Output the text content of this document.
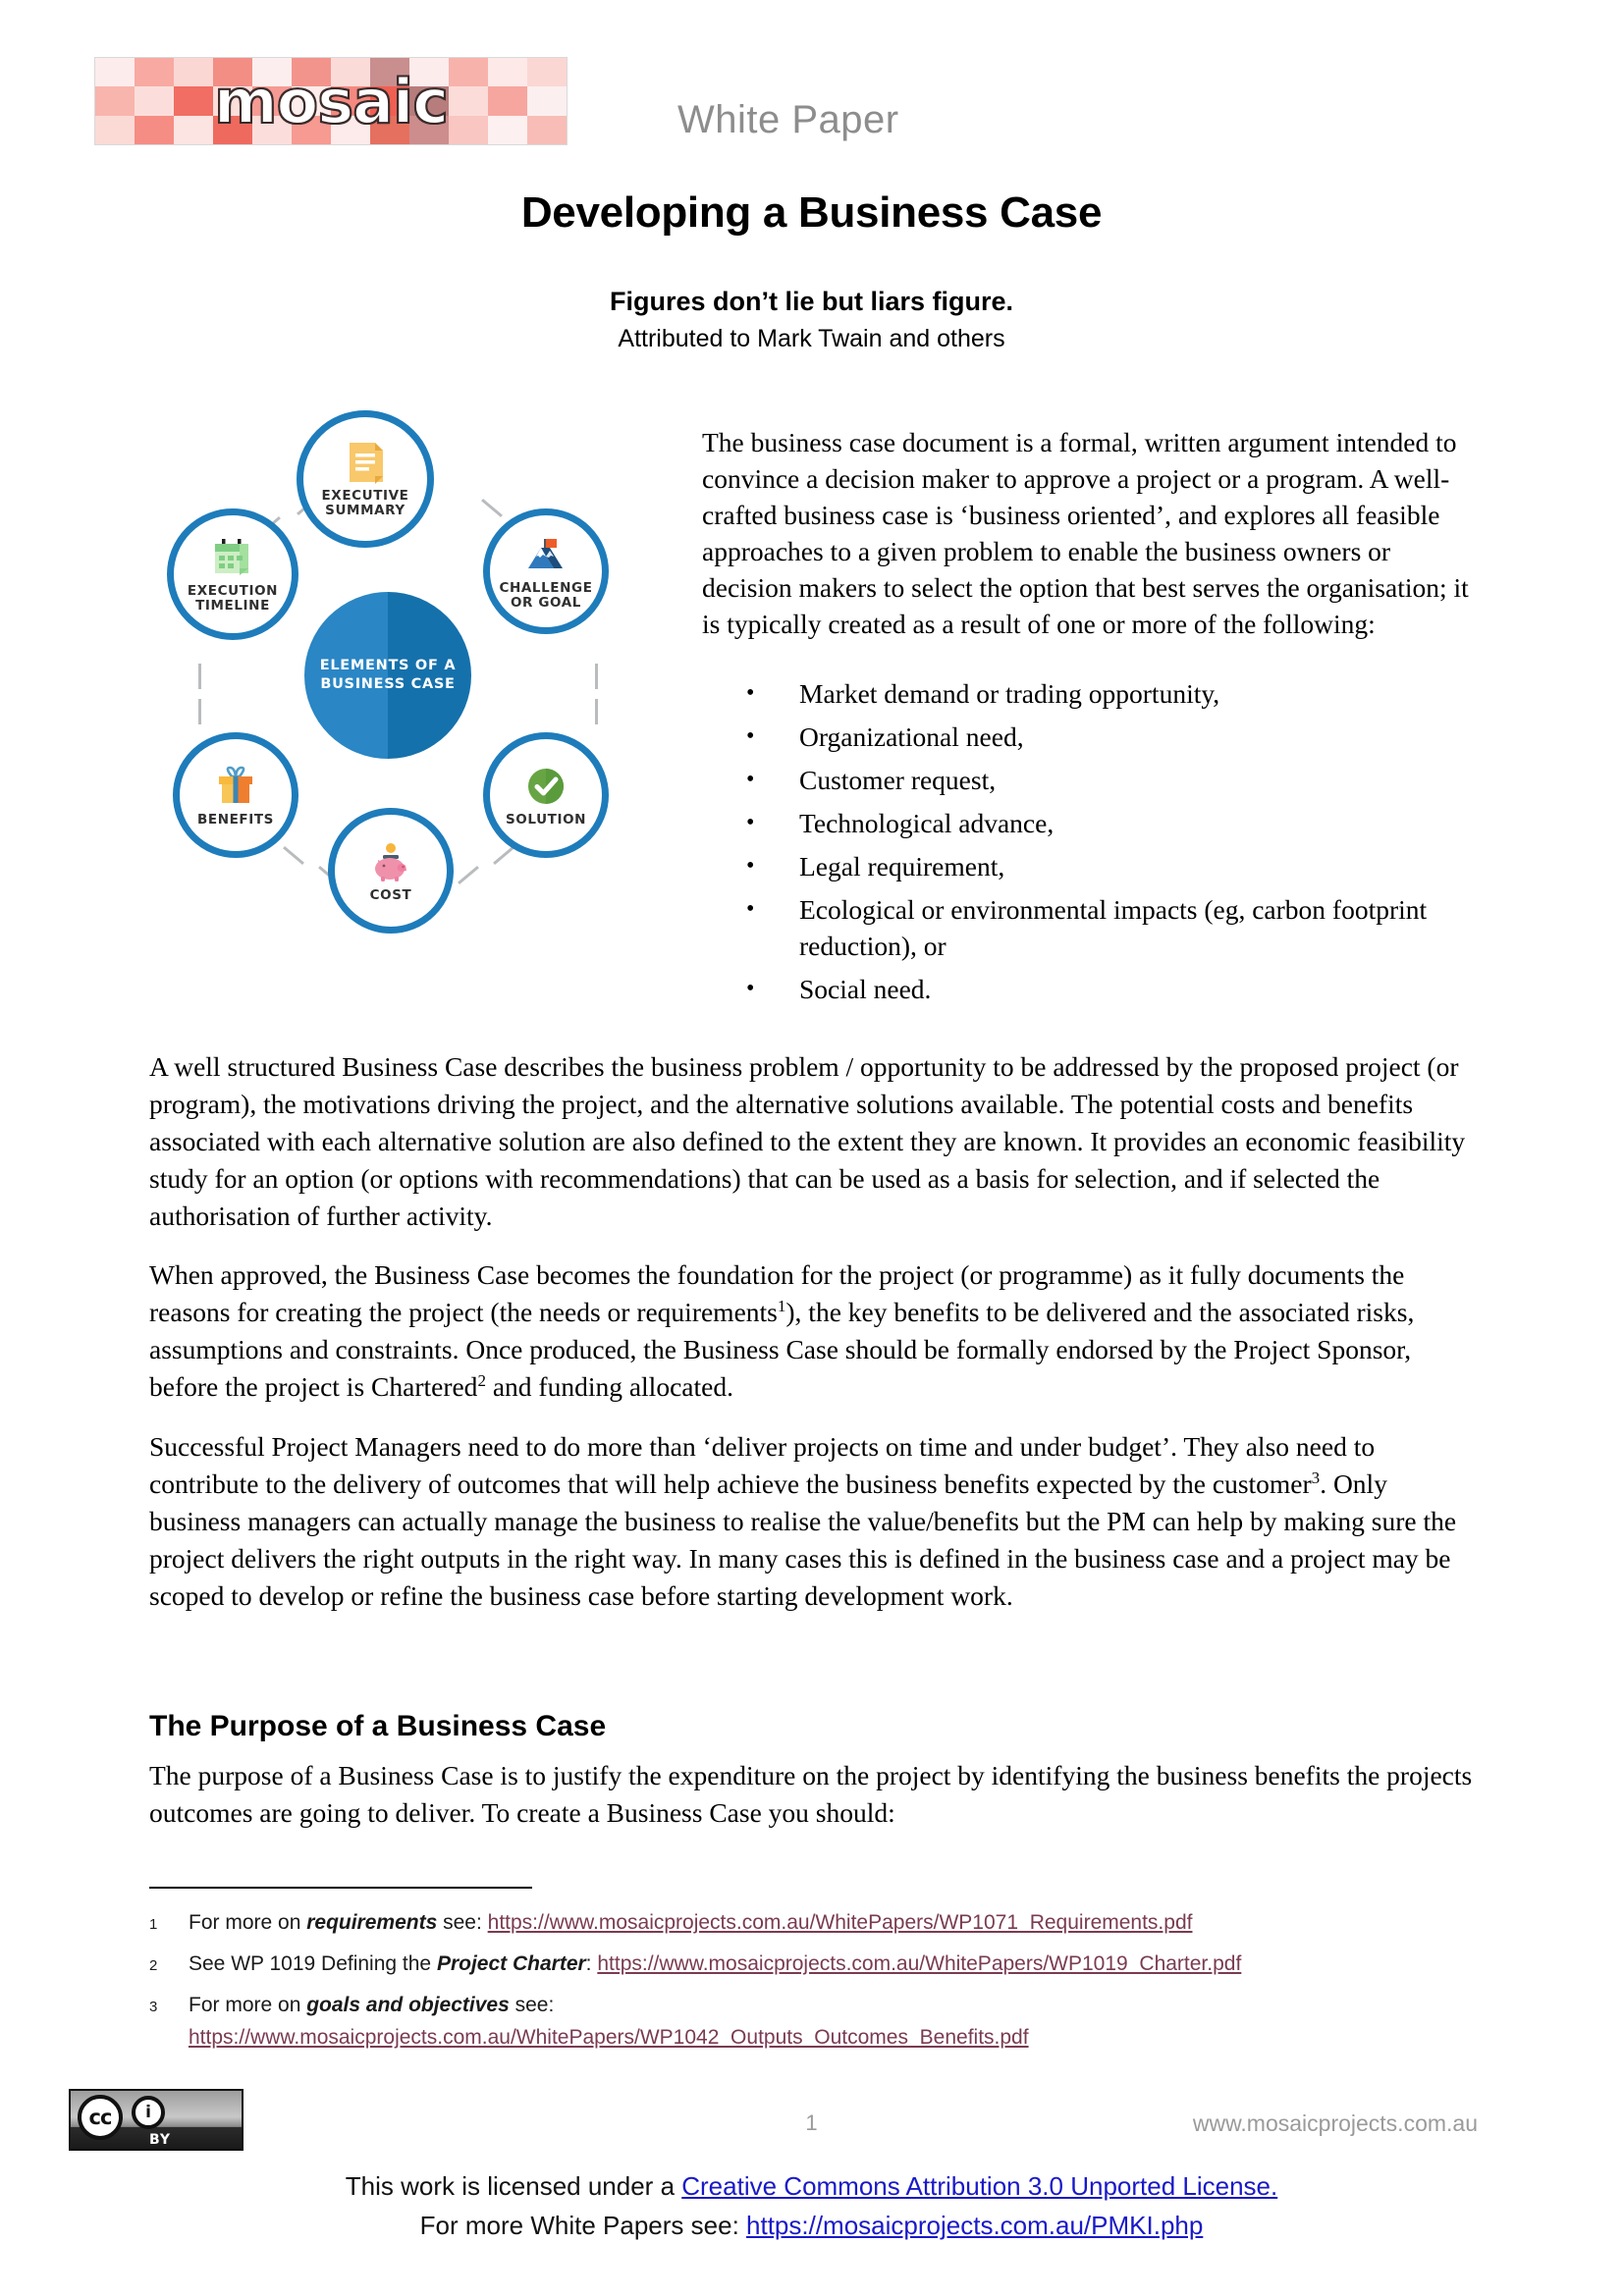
mosaic	White Paper
Developing a Business Case
Figures don’t lie but liars figure.
Attributed to Mark Twain and others
ELEMENTS OF A
BUSINESS CASE
EXECUTIVE
SUMMARY
CHALLENGE
OR GOAL
SOLUTION
COST
BENEFITS
EXECUTION
TIMELINE
The business case document is a formal, written argument intended to convince a decision maker to approve a project or a program. A well-crafted business case is ‘business oriented’, and explores all feasible approaches to a given problem to enable the business owners or decision makers to select the option that best serves the organisation; it is typically created as a result of one or more of the following:
•	Market demand or trading opportunity,
•	Organizational need,
•	Customer request,
•	Technological advance,
•	Legal requirement,
•	Ecological or environmental impacts (eg, carbon footprint reduction), or
•	Social need.
A well structured Business Case describes the business problem / opportunity to be addressed by the proposed project (or program), the motivations driving the project, and the alternative solutions available. The potential costs and benefits associated with each alternative solution are also defined to the extent they are known. It provides an economic feasibility study for an option (or options with recommendations) that can be used as a basis for selection, and if selected the authorisation of further activity.
When approved, the Business Case becomes the foundation for the project (or programme) as it fully documents the reasons for creating the project (the needs or requirements$^1$), the key benefits to be delivered and the associated risks, assumptions and constraints. Once produced, the Business Case should be formally endorsed by the Project Sponsor, before the project is Chartered$^2$ and funding allocated.
Successful Project Managers need to do more than ‘deliver projects on time and under budget’. They also need to contribute to the delivery of outcomes that will help achieve the business benefits expected by the customer$^3$. Only business managers can actually manage the business to realise the value/benefits but the PM can help by making sure the project delivers the right outputs in the right way. In many cases this is defined in the business case and a project may be scoped to develop or refine the business case before starting development work.
The Purpose of a Business Case
The purpose of a Business Case is to justify the expenditure on the project by identifying the business benefits the projects outcomes are going to deliver. To create a Business Case you should:
1	For more on requirements see: https://www.mosaicprojects.com.au/WhitePapers/WP1071_Requirements.pdf
2	See WP 1019 Defining the Project Charter: https://www.mosaicprojects.com.au/WhitePapers/WP1019_Charter.pdf
3	For more on goals and objectives see:
https://www.mosaicprojects.com.au/WhitePapers/WP1042_Outputs_Outcomes_Benefits.pdf
cc	i
BY
1	www.mosaicprojects.com.au
This work is licensed under a Creative Commons Attribution 3.0 Unported License.
For more White Papers see: https://mosaicprojects.com.au/PMKI.php
